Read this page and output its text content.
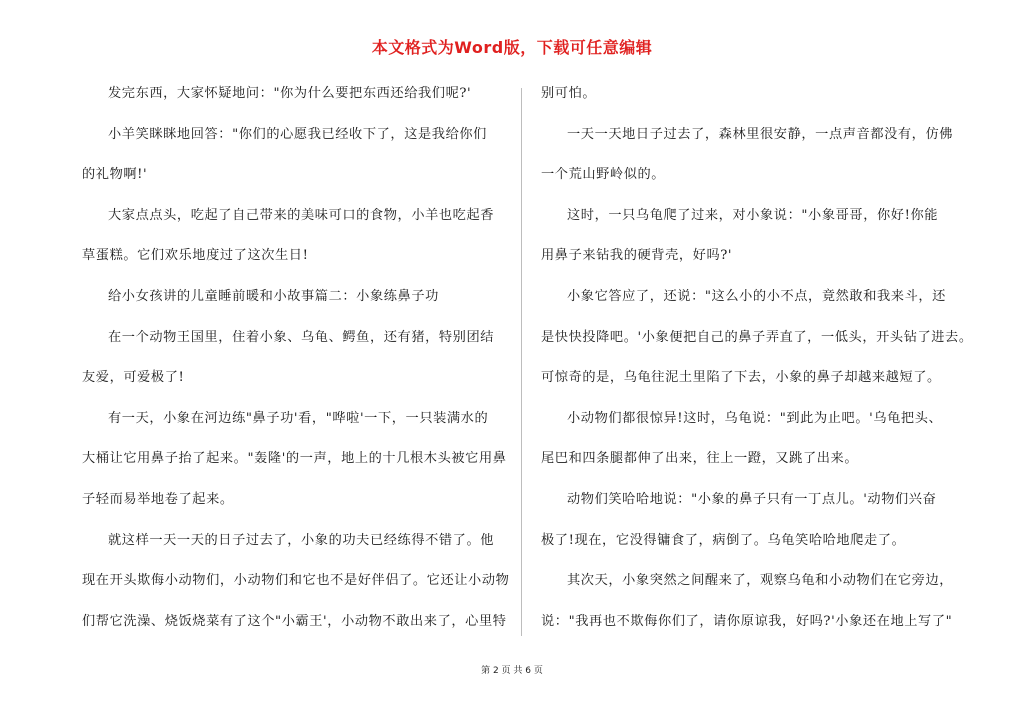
本文格式为Word版，下载可任意编辑
发完东西，大家怀疑地问："你为什么要把东西还给我们呢?'
小羊笑眯眯地回答："你们的心愿我已经收下了，这是我给你们
的礼物啊!'
大家点点头，吃起了自己带来的美味可口的食物，小羊也吃起香
草蛋糕。它们欢乐地度过了这次生日!
给小女孩讲的儿童睡前暖和小故事篇二：小象练鼻子功
在一个动物王国里，住着小象、乌龟、鳄鱼，还有猪，特别团结
友爱，可爱极了!
有一天，小象在河边练"鼻子功'看，"哗啦'一下，一只装满水的
大桶让它用鼻子抬了起来。"轰隆'的一声，地上的十几根木头被它用鼻
子轻而易举地卷了起来。
就这样一天一天的日子过去了，小象的功夫已经练得不错了。他
现在开头欺侮小动物们，小动物们和它也不是好伴侣了。它还让小动物
们帮它洗澡、烧饭烧菜有了这个"小霸王'，小动物不敢出来了，心里特
别可怕。
一天一天地日子过去了，森林里很安静，一点声音都没有，仿佛
一个荒山野岭似的。
这时，一只乌龟爬了过来，对小象说："小象哥哥，你好!你能
用鼻子来钻我的硬背壳，好吗?'
小象它答应了，还说："这么小的小不点，竟然敢和我来斗，还
是快快投降吧。'小象便把自己的鼻子弄直了，一低头，开头钻了进去。
可惊奇的是，乌龟往泥土里陷了下去，小象的鼻子却越来越短了。
小动物们都很惊异!这时，乌龟说："到此为止吧。'乌龟把头、
尾巴和四条腿都伸了出来，往上一蹬，又跳了出来。
动物们笑哈哈地说："小象的鼻子只有一丁点儿。'动物们兴奋
极了!现在，它没得镛食了，病倒了。乌龟笑哈哈地爬走了。
其次天，小象突然之间醒来了，观察乌龟和小动物们在它旁边，
说："我再也不欺侮你们了，请你原谅我，好吗?'小象还在地上写了"
第 2 页 共 6 页
